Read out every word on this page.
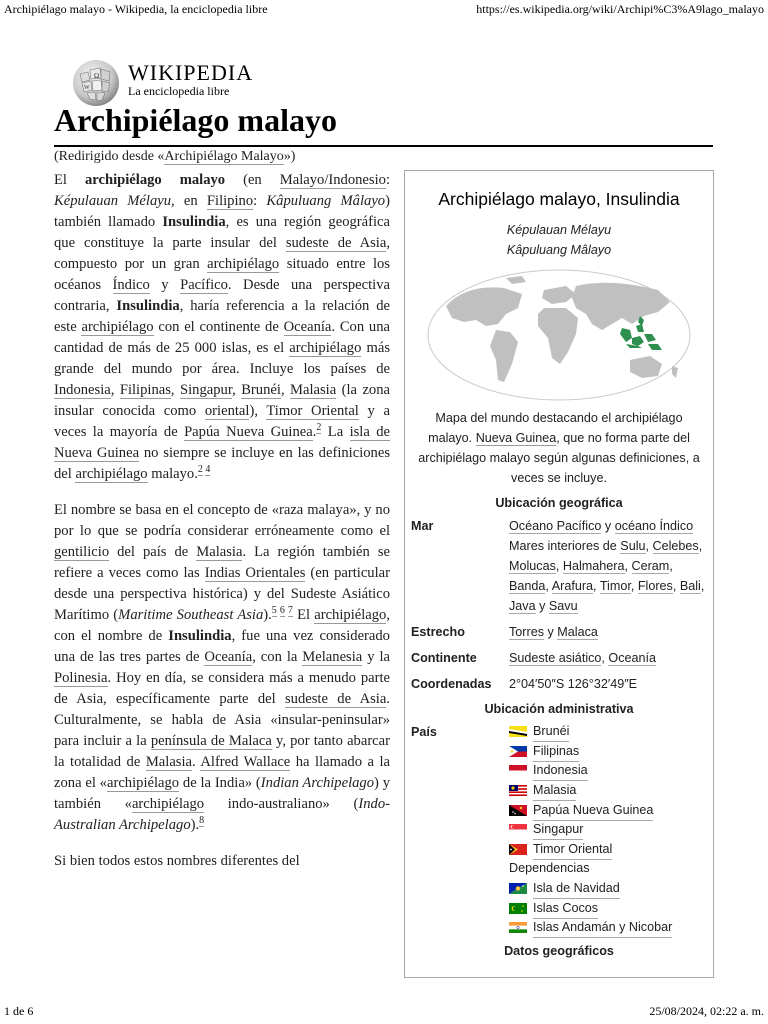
Archipiélago malayo - Wikipedia, la enciclopedia libre	https://es.wikipedia.org/wiki/Archipi%C3%A9lago_malayo
Ω
W
WIKIPEDIA
La enciclopedia libre
Archipiélago malayo
(Redirigido desde «Archipiélago Malayo»)

El archipiélago malayo (en Malayo/Indonesio: Képulauan Mélayu, en Filipino: Kâpuluang Mâlayo) también llamado Insulindia, es una región geográfica que constituye la parte insular del sudeste de Asia, compuesto por un gran archipiélago situado entre los océanos Índico y Pacífico. Desde una perspectiva contraria, Insulindia, haría referencia a la relación de este archipiélago con el continente de Oceanía. Con una cantidad de más de 25 000 islas, es el archipiélago más grande del mundo por área. Incluye los países de Indonesia, Filipinas, Singapur, Brunéi, Malasia (la zona insular conocida como oriental), Timor Oriental y a veces la mayoría de Papúa Nueva Guinea.$^2$ La isla de Nueva Guinea no siempre se incluye en las definiciones del archipiélago malayo.$^{2 4}$

El nombre se basa en el concepto de «raza malaya», y no por lo que se podría considerar erróneamente como el gentilicio del país de Malasia. La región también se refiere a veces como las Indias Orientales (en particular desde una perspectiva histórica) y del Sudeste Asiático Marítimo (Maritime Southeast Asia).$^{5 6 7}$ El archipiélago, con el nombre de Insulindia, fue una vez considerado una de las tres partes de Oceanía, con la Melanesia y la Polinesia. Hoy en día, se considera más a menudo parte de Asia, específicamente parte del sudeste de Asia. Culturalmente, se habla de Asia «insular-peninsular» para incluir a la península de Malaca y, por tanto abarcar la totalidad de Malasia. Alfred Wallace ha llamado a la zona el «archipiélago de la India» (Indian Archipelago) y también «archipiélago indo-australiano» (Indo-Australian Archipelago).$^8$

Si bien todos estos nombres diferentes del

Archipiélago malayo, Insulindia
Képulauan Mélayu
Kâpuluang Mâlayo
Mapa del mundo destacando el archipiélago malayo. Nueva Guinea, que no forma parte del archipiélago malayo según algunas definiciones, a veces se incluye.
Ubicación geográfica
Mar	Océano Pacífico y océano Índico
Mares interiores de Sulu, Celebes, Molucas, Halmahera, Ceram, Banda, Arafura, Timor, Flores, Bali, Java y Savu
Estrecho	Torres y Malaca
Continente	Sudeste asiático, Oceanía
Coordenadas	2°04′50″S 126°32′49″E
Ubicación administrativa
País	Brunéi
Filipinas
Indonesia
Malasia
Papúa Nueva Guinea
Singapur
Timor Oriental
Dependencias
Isla de Navidad
Islas Cocos
Islas Andamán y Nicobar
Datos geográficos
1 de 6	25/08/2024, 02:22 a. m.
